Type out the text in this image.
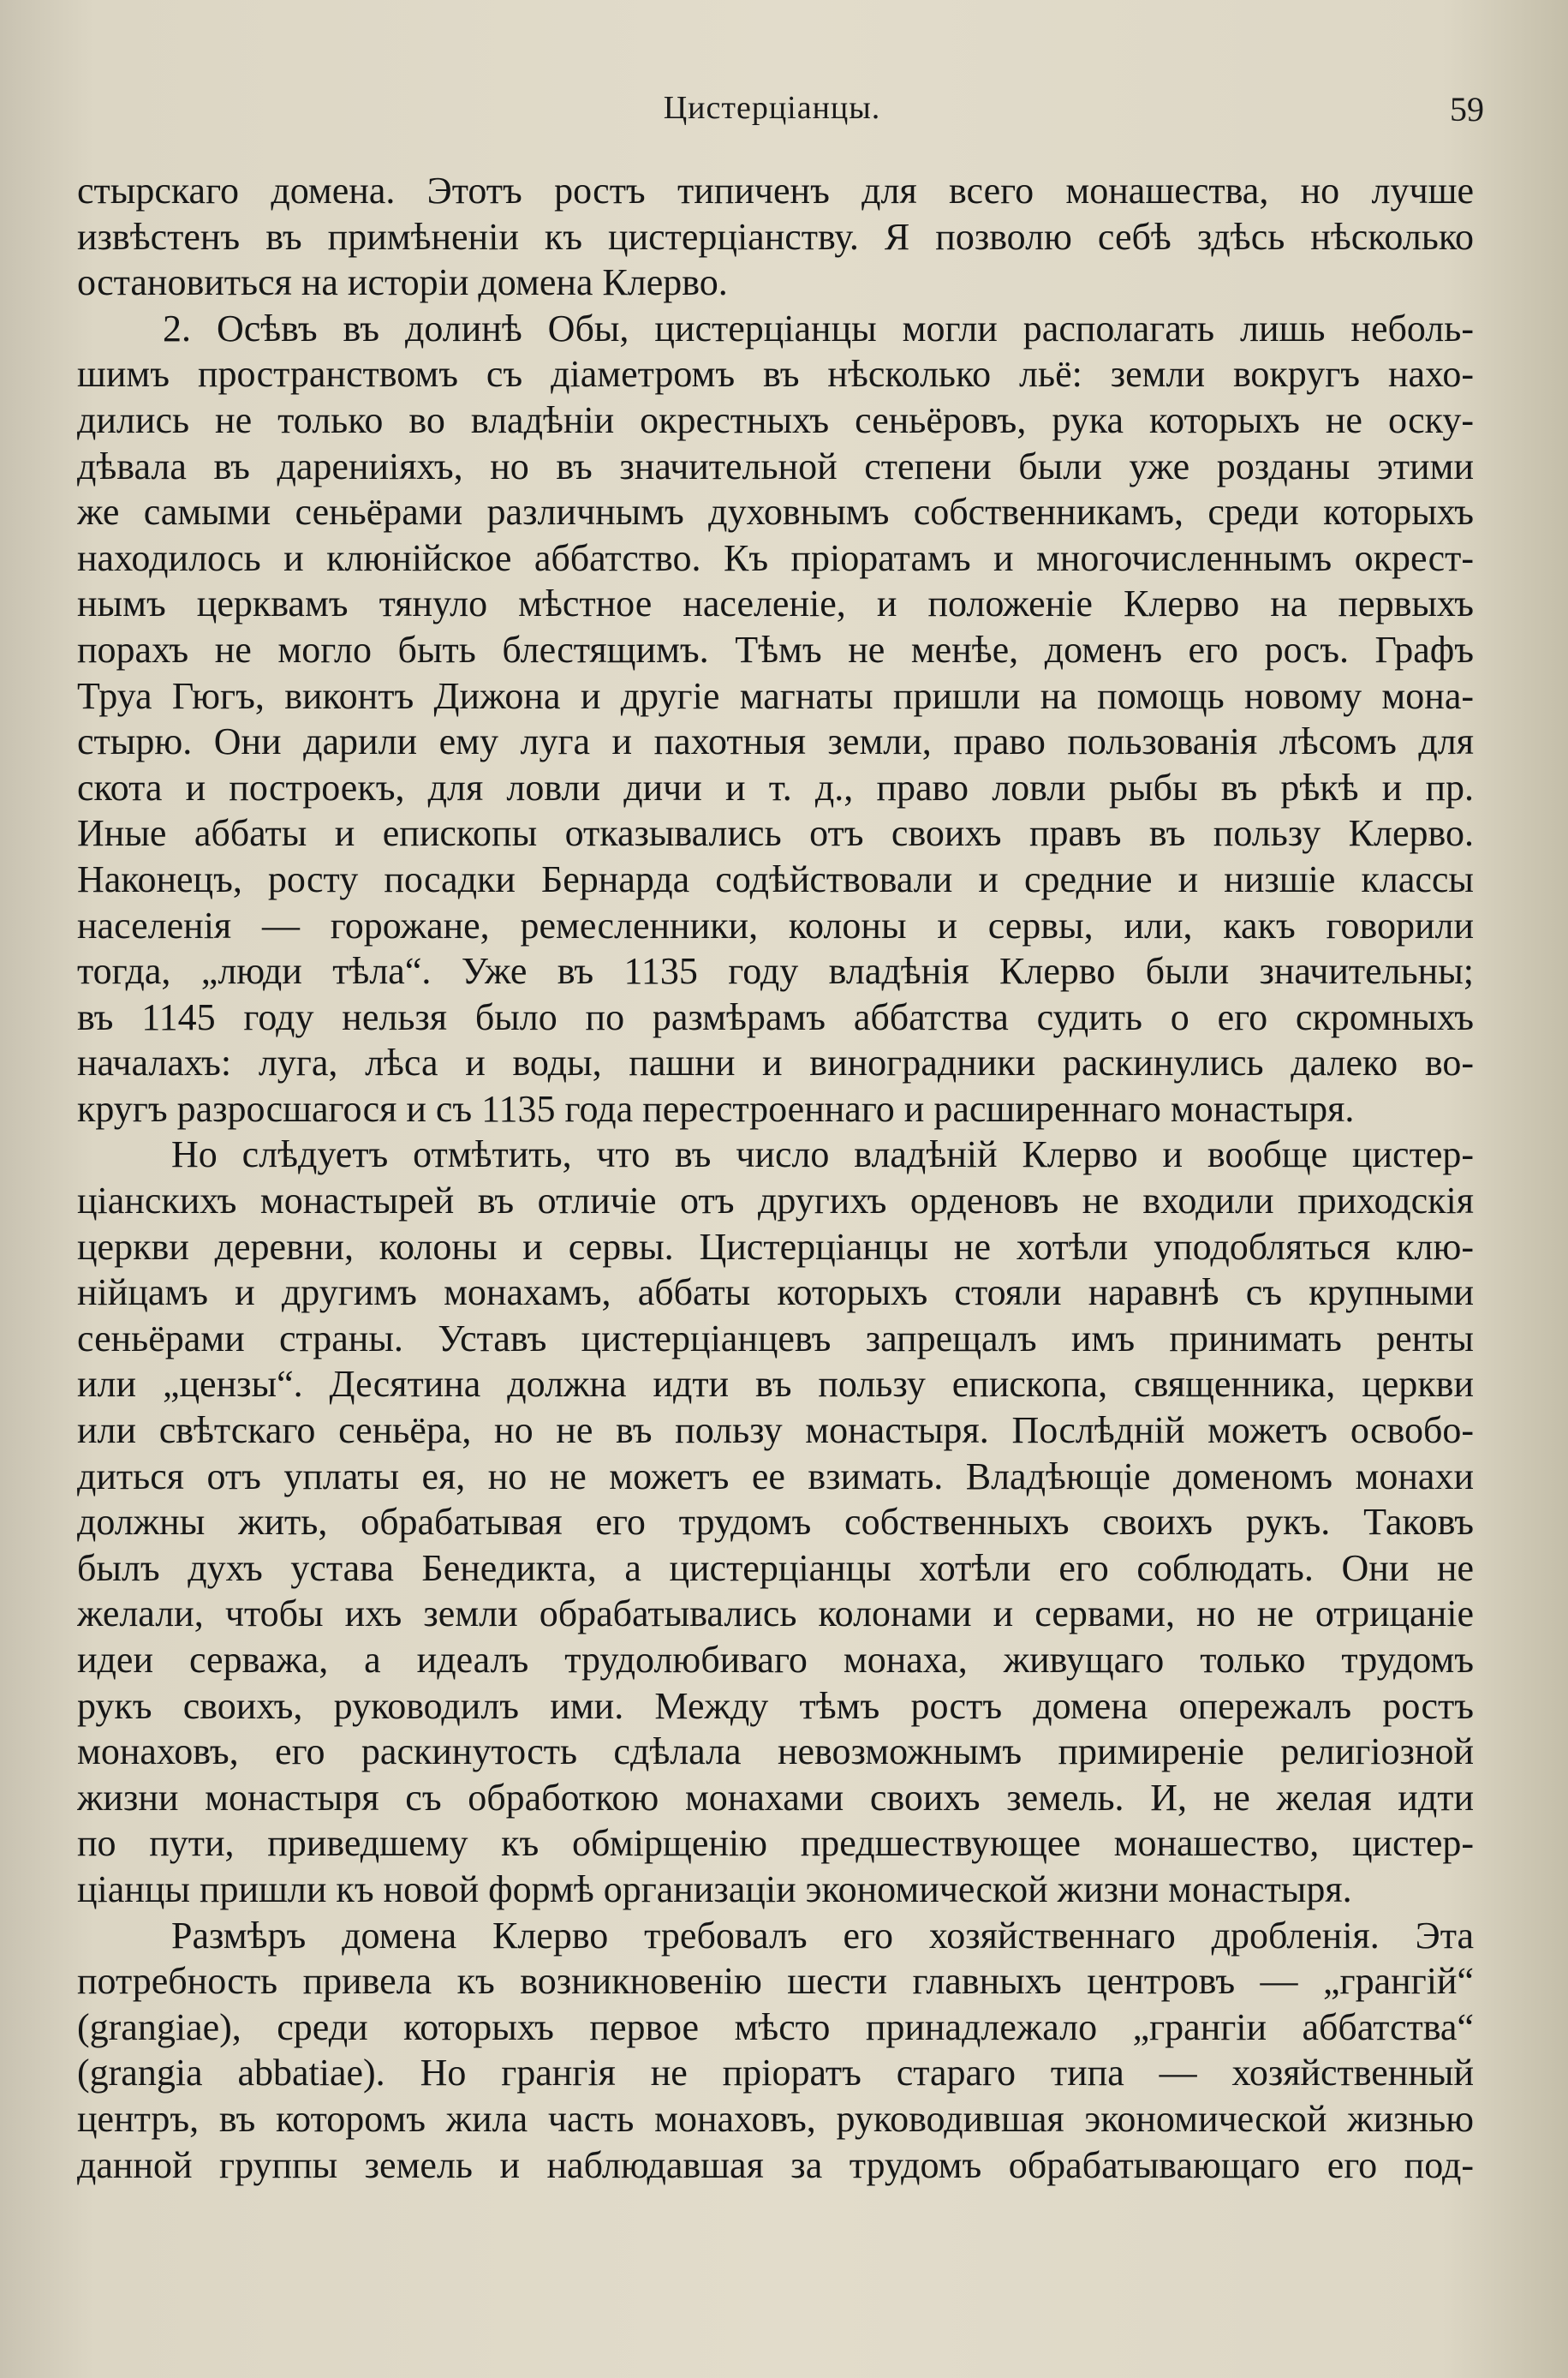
Цистерцiанцы.	59
стырскаго домена. Этотъ ростъ типиченъ для всего монашества, но лучше
извѣстенъ въ примѣненiи къ цистерцiанству. Я позволю себѣ здѣсь нѣсколько
остановиться на исторiи домена Клерво.
2. Осѣвъ въ долинѣ Обы, цистерцiанцы могли располагать лишь неболь-
шимъ пространствомъ съ дiаметромъ въ нѣсколько льё: земли вокругъ нахо-
дились не только во владѣнiи окрестныхъ сеньёровъ, рука которыхъ не оску-
дѣвала въ дарениiяхъ, но въ значительной степени были уже розданы этими
же самыми сеньёрами различнымъ духовнымъ собственникамъ, среди которыхъ
находилось и клюнiйское аббатство. Къ прiоратамъ и многочисленнымъ окрест-
нымъ церквамъ тянуло мѣстное населенiе, и положенiе Клерво на первыхъ
порахъ не могло быть блестящимъ. Тѣмъ не менѣе, доменъ его росъ. Графъ
Труа Гюгъ, виконтъ Дижона и другiе магнаты пришли на помощь новому мона-
стырю. Они дарили ему луга и пахотныя земли, право пользованiя лѣсомъ для
скота и построекъ, для ловли дичи и т. д., право ловли рыбы въ рѣкѣ и пр.
Иные аббаты и епископы отказывались отъ своихъ правъ въ пользу Клерво.
Наконецъ, росту посадки Бернарда содѣйствовали и средние и низшiе классы
населенiя — горожане, ремесленники, колоны и сервы, или, какъ говорили
тогда, „люди тѣла“. Уже въ 1135 году владѣнiя Клерво были значительны;
въ 1145 году нельзя было по размѣрамъ аббатства судить о его скромныхъ
началахъ: луга, лѣса и воды, пашни и виноградники раскинулись далеко во-
кругъ разросшагося и съ 1135 года перестроеннаго и расширеннаго монастыря.
Но слѣдуетъ отмѣтить, что въ число владѣнiй Клерво и вообще цистер-
цiанскихъ монастырей въ отличiе отъ другихъ орденовъ не входили приходскiя
церкви деревни, колоны и сервы. Цистерцiанцы не хотѣли уподобляться клю-
нiйцамъ и другимъ монахамъ, аббаты которыхъ стояли наравнѣ съ крупными
сеньёрами страны. Уставъ цистерцiанцевъ запрещалъ имъ принимать ренты
или „цензы“. Десятина должна идти въ пользу епископа, священника, церкви
или свѣтскаго сеньёра, но не въ пользу монастыря. Послѣднiй можетъ освобо-
диться отъ уплаты ея, но не можетъ ее взимать. Владѣющiе доменомъ монахи
должны жить, обрабатывая его трудомъ собственныхъ своихъ рукъ. Таковъ
былъ духъ устава Бенедикта, а цистерцiанцы хотѣли его соблюдать. Они не
желали, чтобы ихъ земли обрабатывались колонами и сервами, но не отрицанiе
идеи серважа, а идеалъ трудолюбиваго монаха, живущаго только трудомъ
рукъ своихъ, руководилъ ими. Между тѣмъ ростъ домена опережалъ ростъ
монаховъ, его раскинутость сдѣлала невозможнымъ примиренiе религiозной
жизни монастыря съ обработкою монахами своихъ земель. И, не желая идти
по пути, приведшему къ обмiрщенiю предшествующее монашество, цистер-
цiанцы пришли къ новой формѣ организацiи экономической жизни монастыря.
Размѣръ домена Клерво требовалъ его хозяйственнаго дробленiя. Эта
потребность привела къ возникновенiю шести главныхъ центровъ — „грангiй“
(grangiae), среди которыхъ первое мѣсто принадлежало „грангiи аббатства“
(grangia abbatiae). Но грангiя не прiоратъ стараго типа — хозяйственный
центръ, въ которомъ жила часть монаховъ, руководившая экономической жизнью
данной группы земель и наблюдавшая за трудомъ обрабатывающаго его под-
